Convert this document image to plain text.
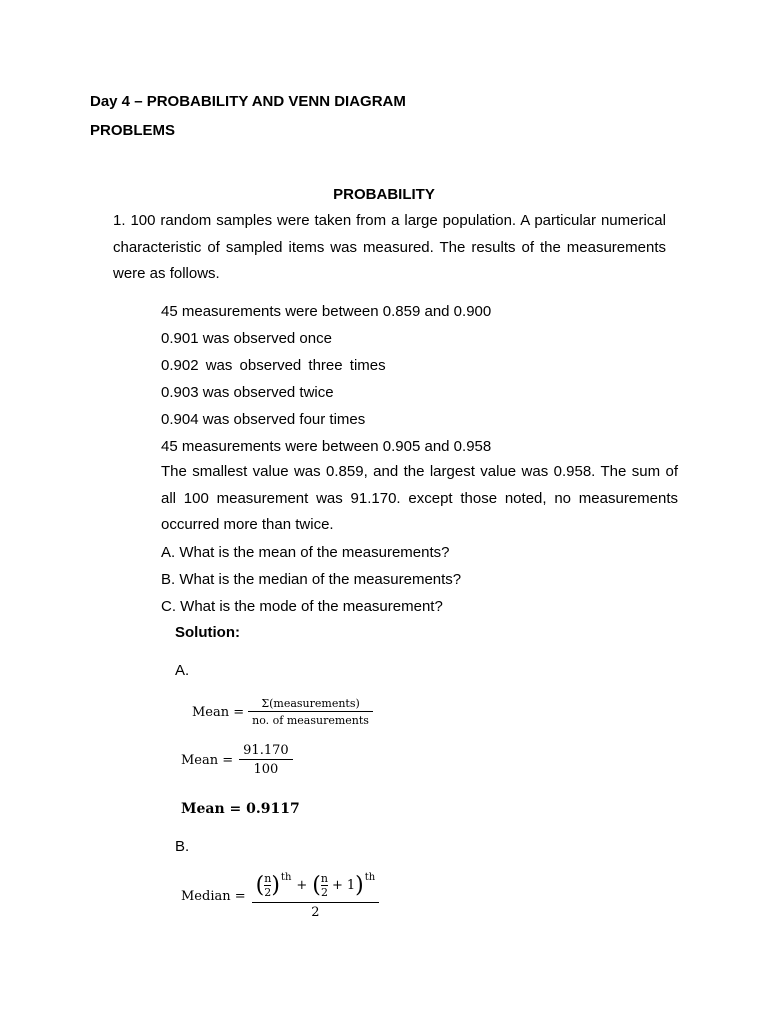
Day 4 – PROBABILITY AND VENN DIAGRAM
PROBLEMS
PROBABILITY
1. 100 random samples were taken from a large population. A particular numerical characteristic of sampled items was measured. The results of the measurements were as follows.
45 measurements were between 0.859 and 0.900
0.901 was observed once
0.902 was observed three times
0.903 was observed twice
0.904 was observed four times
45 measurements were between 0.905 and 0.958
The smallest value was 0.859, and the largest value was 0.958. The sum of all 100 measurement was 91.170. except those noted, no measurements occurred more than twice.
A. What is the mean of the measurements?
B. What is the median of the measurements?
C. What is the mode of the measurement?
Solution:
A.
Mean = $\frac{\text{Σ(measurements)}}{\text{no. of measurements}}$
Mean = $\frac{91.170}{100}$
Mean = 0.9117
B.
Median = ( $\frac{n}{2} )^{th}$
+ ( $\frac{n}{2} + 1$ )$^{th}$
2
